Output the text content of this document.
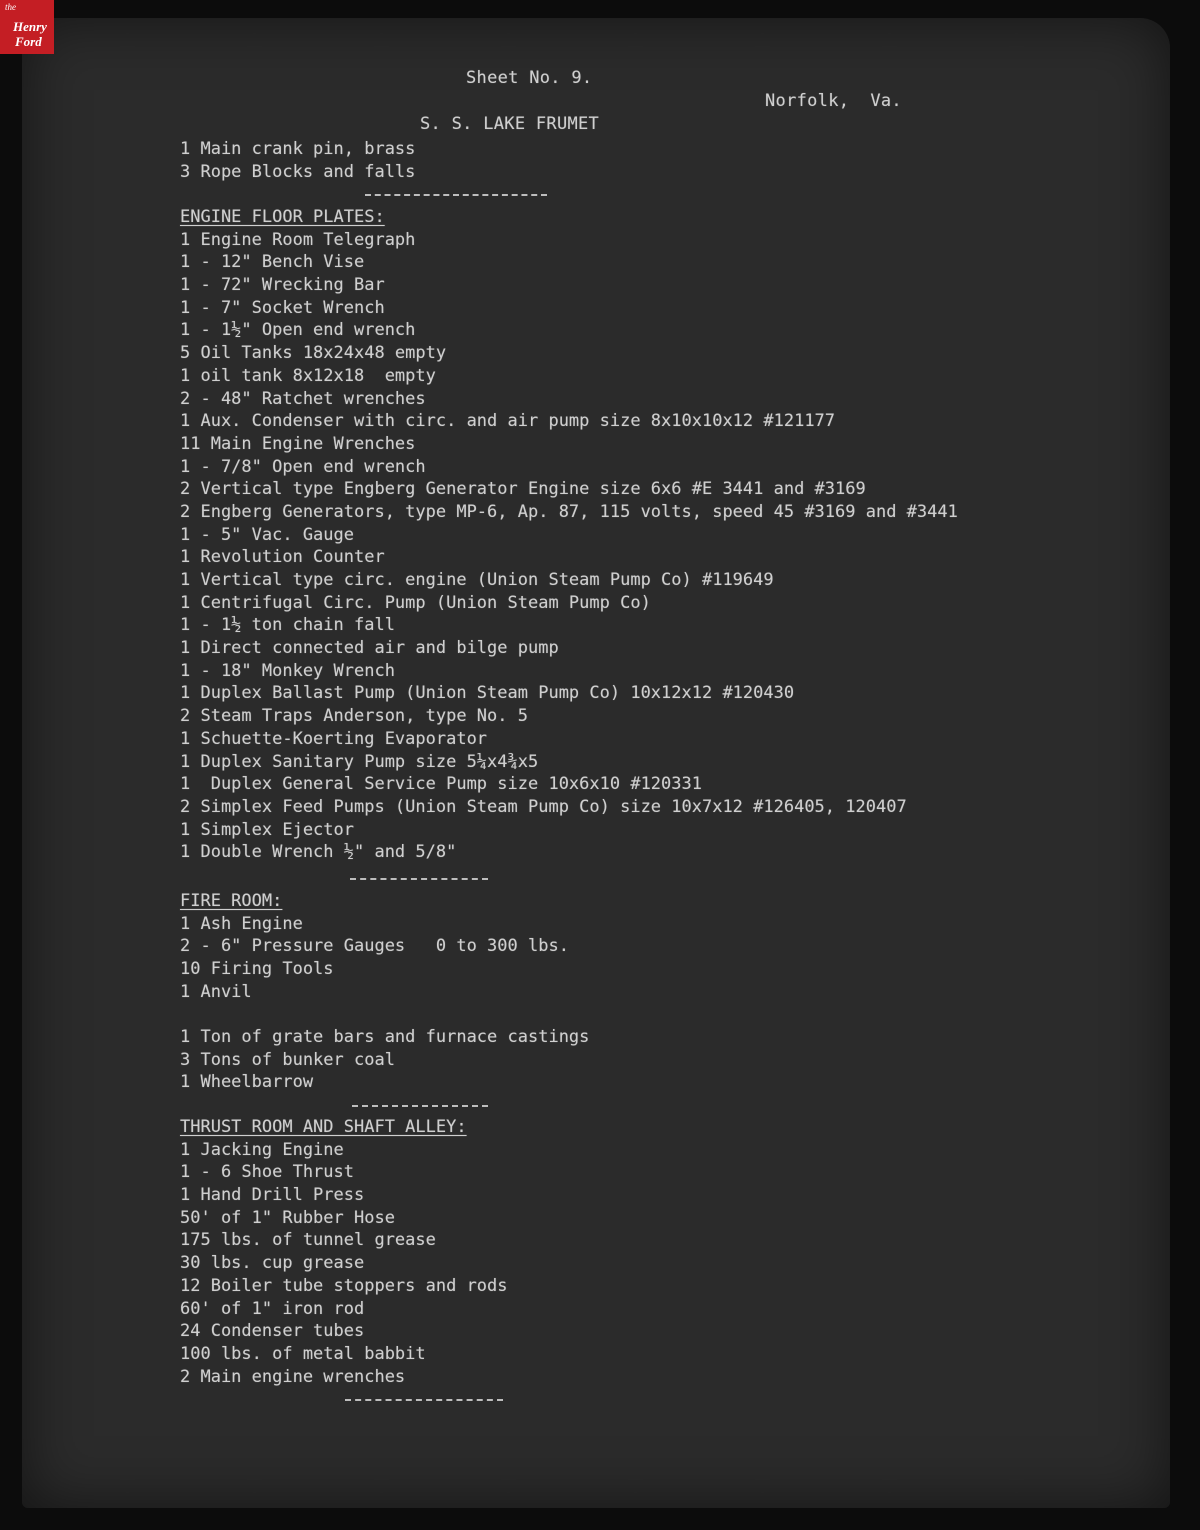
the
Henry
Ford

Sheet No. 9.

Norfolk,  Va.

S. S. LAKE FRUMET

1 Main crank pin, brass
3 Rope Blocks and falls
ENGINE FLOOR PLATES:
1 Engine Room Telegraph
1 - 12" Bench Vise
1 - 72" Wrecking Bar
1 - 7" Socket Wrench
1 - 1½" Open end wrench
5 Oil Tanks 18x24x48 empty
1 oil tank 8x12x18  empty
2 - 48" Ratchet wrenches
1 Aux. Condenser with circ. and air pump size 8x10x10x12 #121177
11 Main Engine Wrenches
1 - 7/8" Open end wrench
2 Vertical type Engberg Generator Engine size 6x6 #E 3441 and #3169
2 Engberg Generators, type MP-6, Ap. 87, 115 volts, speed 45 #3169 and #3441
1 - 5" Vac. Gauge
1 Revolution Counter
1 Vertical type circ. engine (Union Steam Pump Co) #119649
1 Centrifugal Circ. Pump (Union Steam Pump Co)
1 - 1½ ton chain fall
1 Direct connected air and bilge pump
1 - 18" Monkey Wrench
1 Duplex Ballast Pump (Union Steam Pump Co) 10x12x12 #120430
2 Steam Traps Anderson, type No. 5
1 Schuette-Koerting Evaporator
1 Duplex Sanitary Pump size 5¼x4¾x5
1  Duplex General Service Pump size 10x6x10 #120331
2 Simplex Feed Pumps (Union Steam Pump Co) size 10x7x12 #126405, 120407
1 Simplex Ejector
1 Double Wrench ½" and 5/8"
FIRE ROOM:
1 Ash Engine
2 - 6" Pressure Gauges   0 to 300 lbs.
10 Firing Tools
1 Anvil
1 Ton of grate bars and furnace castings
3 Tons of bunker coal
1 Wheelbarrow
THRUST ROOM AND SHAFT ALLEY:
1 Jacking Engine
1 - 6 Shoe Thrust
1 Hand Drill Press
50' of 1" Rubber Hose
175 lbs. of tunnel grease
30 lbs. cup grease
12 Boiler tube stoppers and rods
60' of 1" iron rod
24 Condenser tubes
100 lbs. of metal babbit
2 Main engine wrenches
